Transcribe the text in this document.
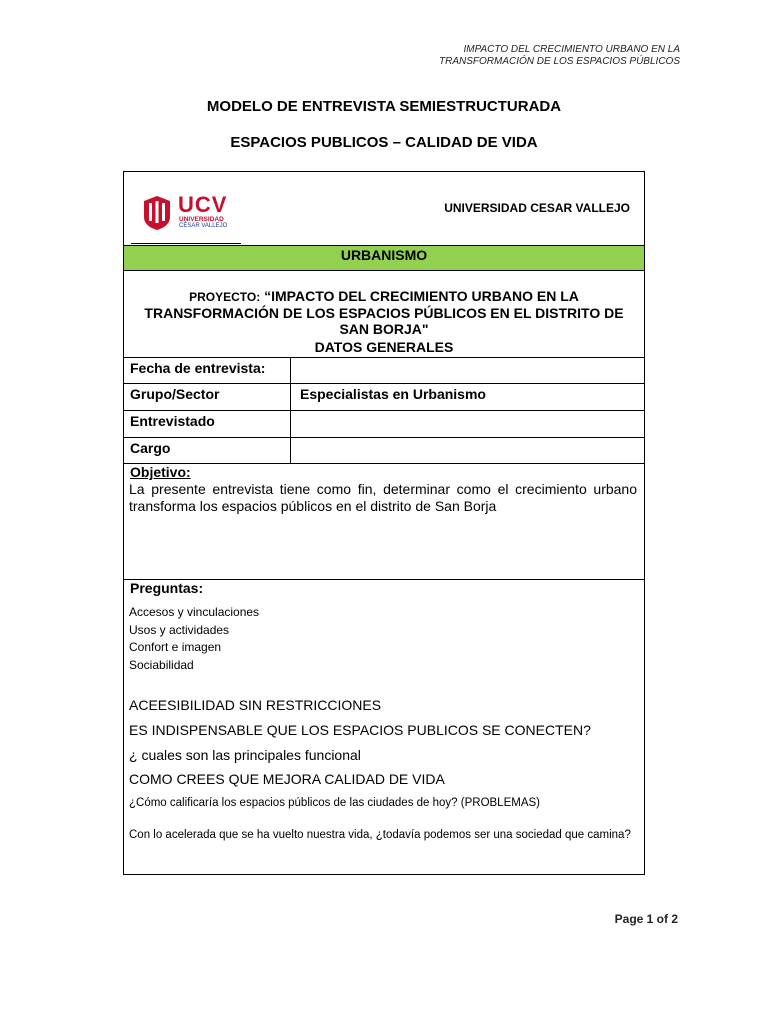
IMPACTO DEL CRECIMIENTO URBANO EN LA
TRANSFORMACIÓN DE LOS ESPACIOS PÚBLICOS
MODELO DE ENTREVISTA SEMIESTRUCTURADA
ESPACIOS PUBLICOS – CALIDAD DE VIDA
UCV
UNIVERSIDAD
CÉSAR VALLEJO
UNIVERSIDAD CESAR VALLEJO
URBANISMO
PROYECTO: “IMPACTO DEL CRECIMIENTO URBANO EN LA TRANSFORMACIÓN DE LOS ESPACIOS PÚBLICOS EN EL DISTRITO DE SAN BORJA"
DATOS GENERALES
Fecha de entrevista:
Grupo/Sector	Especialistas en Urbanismo
Entrevistado
Cargo
Objetivo:
La presente entrevista tiene como fin, determinar como el crecimiento urbano transforma los espacios públicos en el distrito de San Borja
Preguntas:
Accesos y vinculaciones
Usos y actividades
Confort e imagen
Sociabilidad
ACEESIBILIDAD SIN RESTRICCIONES
ES INDISPENSABLE QUE LOS ESPACIOS PUBLICOS SE CONECTEN?
¿ cuales son las principales funcional
COMO CREES QUE MEJORA CALIDAD DE VIDA
¿Cómo calificaría los espacios públicos de las ciudades de hoy? (PROBLEMAS)
Con lo acelerada que se ha vuelto nuestra vida, ¿todavía podemos ser una sociedad que camina?
Page 1 of 2
